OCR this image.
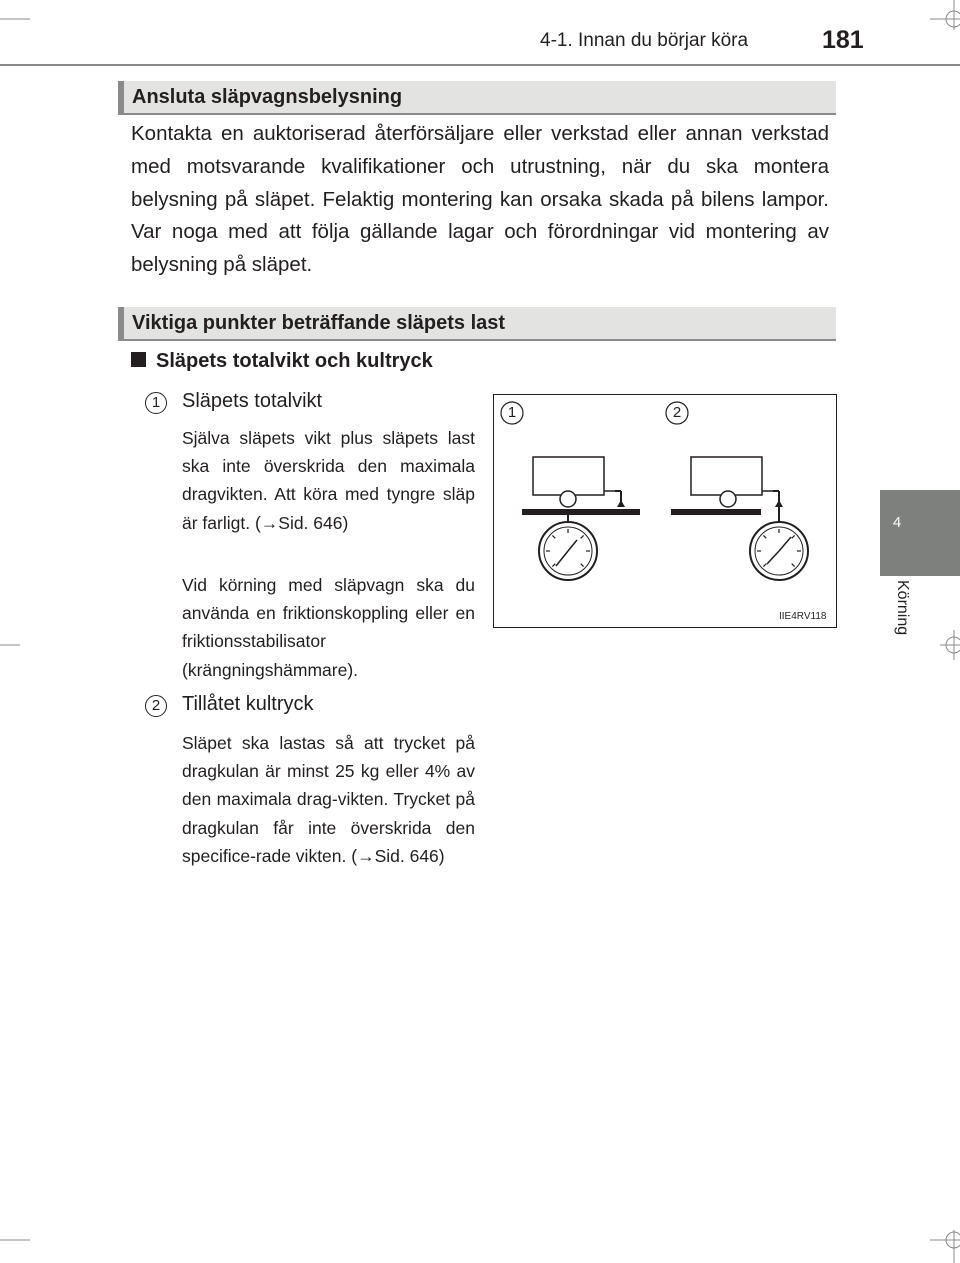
4-1. Innan du börjar köra	181
4
Körning
Ansluta släpvagnsbelysning
Kontakta en auktoriserad återförsäljare eller verkstad eller annan verkstad med motsvarande kvalifikationer och utrustning, när du ska montera belysning på släpet. Felaktig montering kan orsaka skada på bilens lampor. Var noga med att följa gällande lagar och förordningar vid montering av belysning på släpet.
Viktiga punkter beträffande släpets last
Släpets totalvikt och kultryck
1	Släpets totalvikt
Själva släpets vikt plus släpets last ska inte överskrida den maximala dragvikten. Att köra med tyngre släp är farligt. (→Sid. 646)
Vid körning med släpvagn ska du använda en friktionskoppling eller en friktionsstabilisator (krängningshämmare).
2	Tillåtet kultryck
Släpet ska lastas så att trycket på dragkulan är minst 25 kg eller 4% av den maximala drag-vikten. Trycket på dragkulan får inte överskrida den specifice-rade vikten. (→Sid. 646)
1	2
IIE4RV118
